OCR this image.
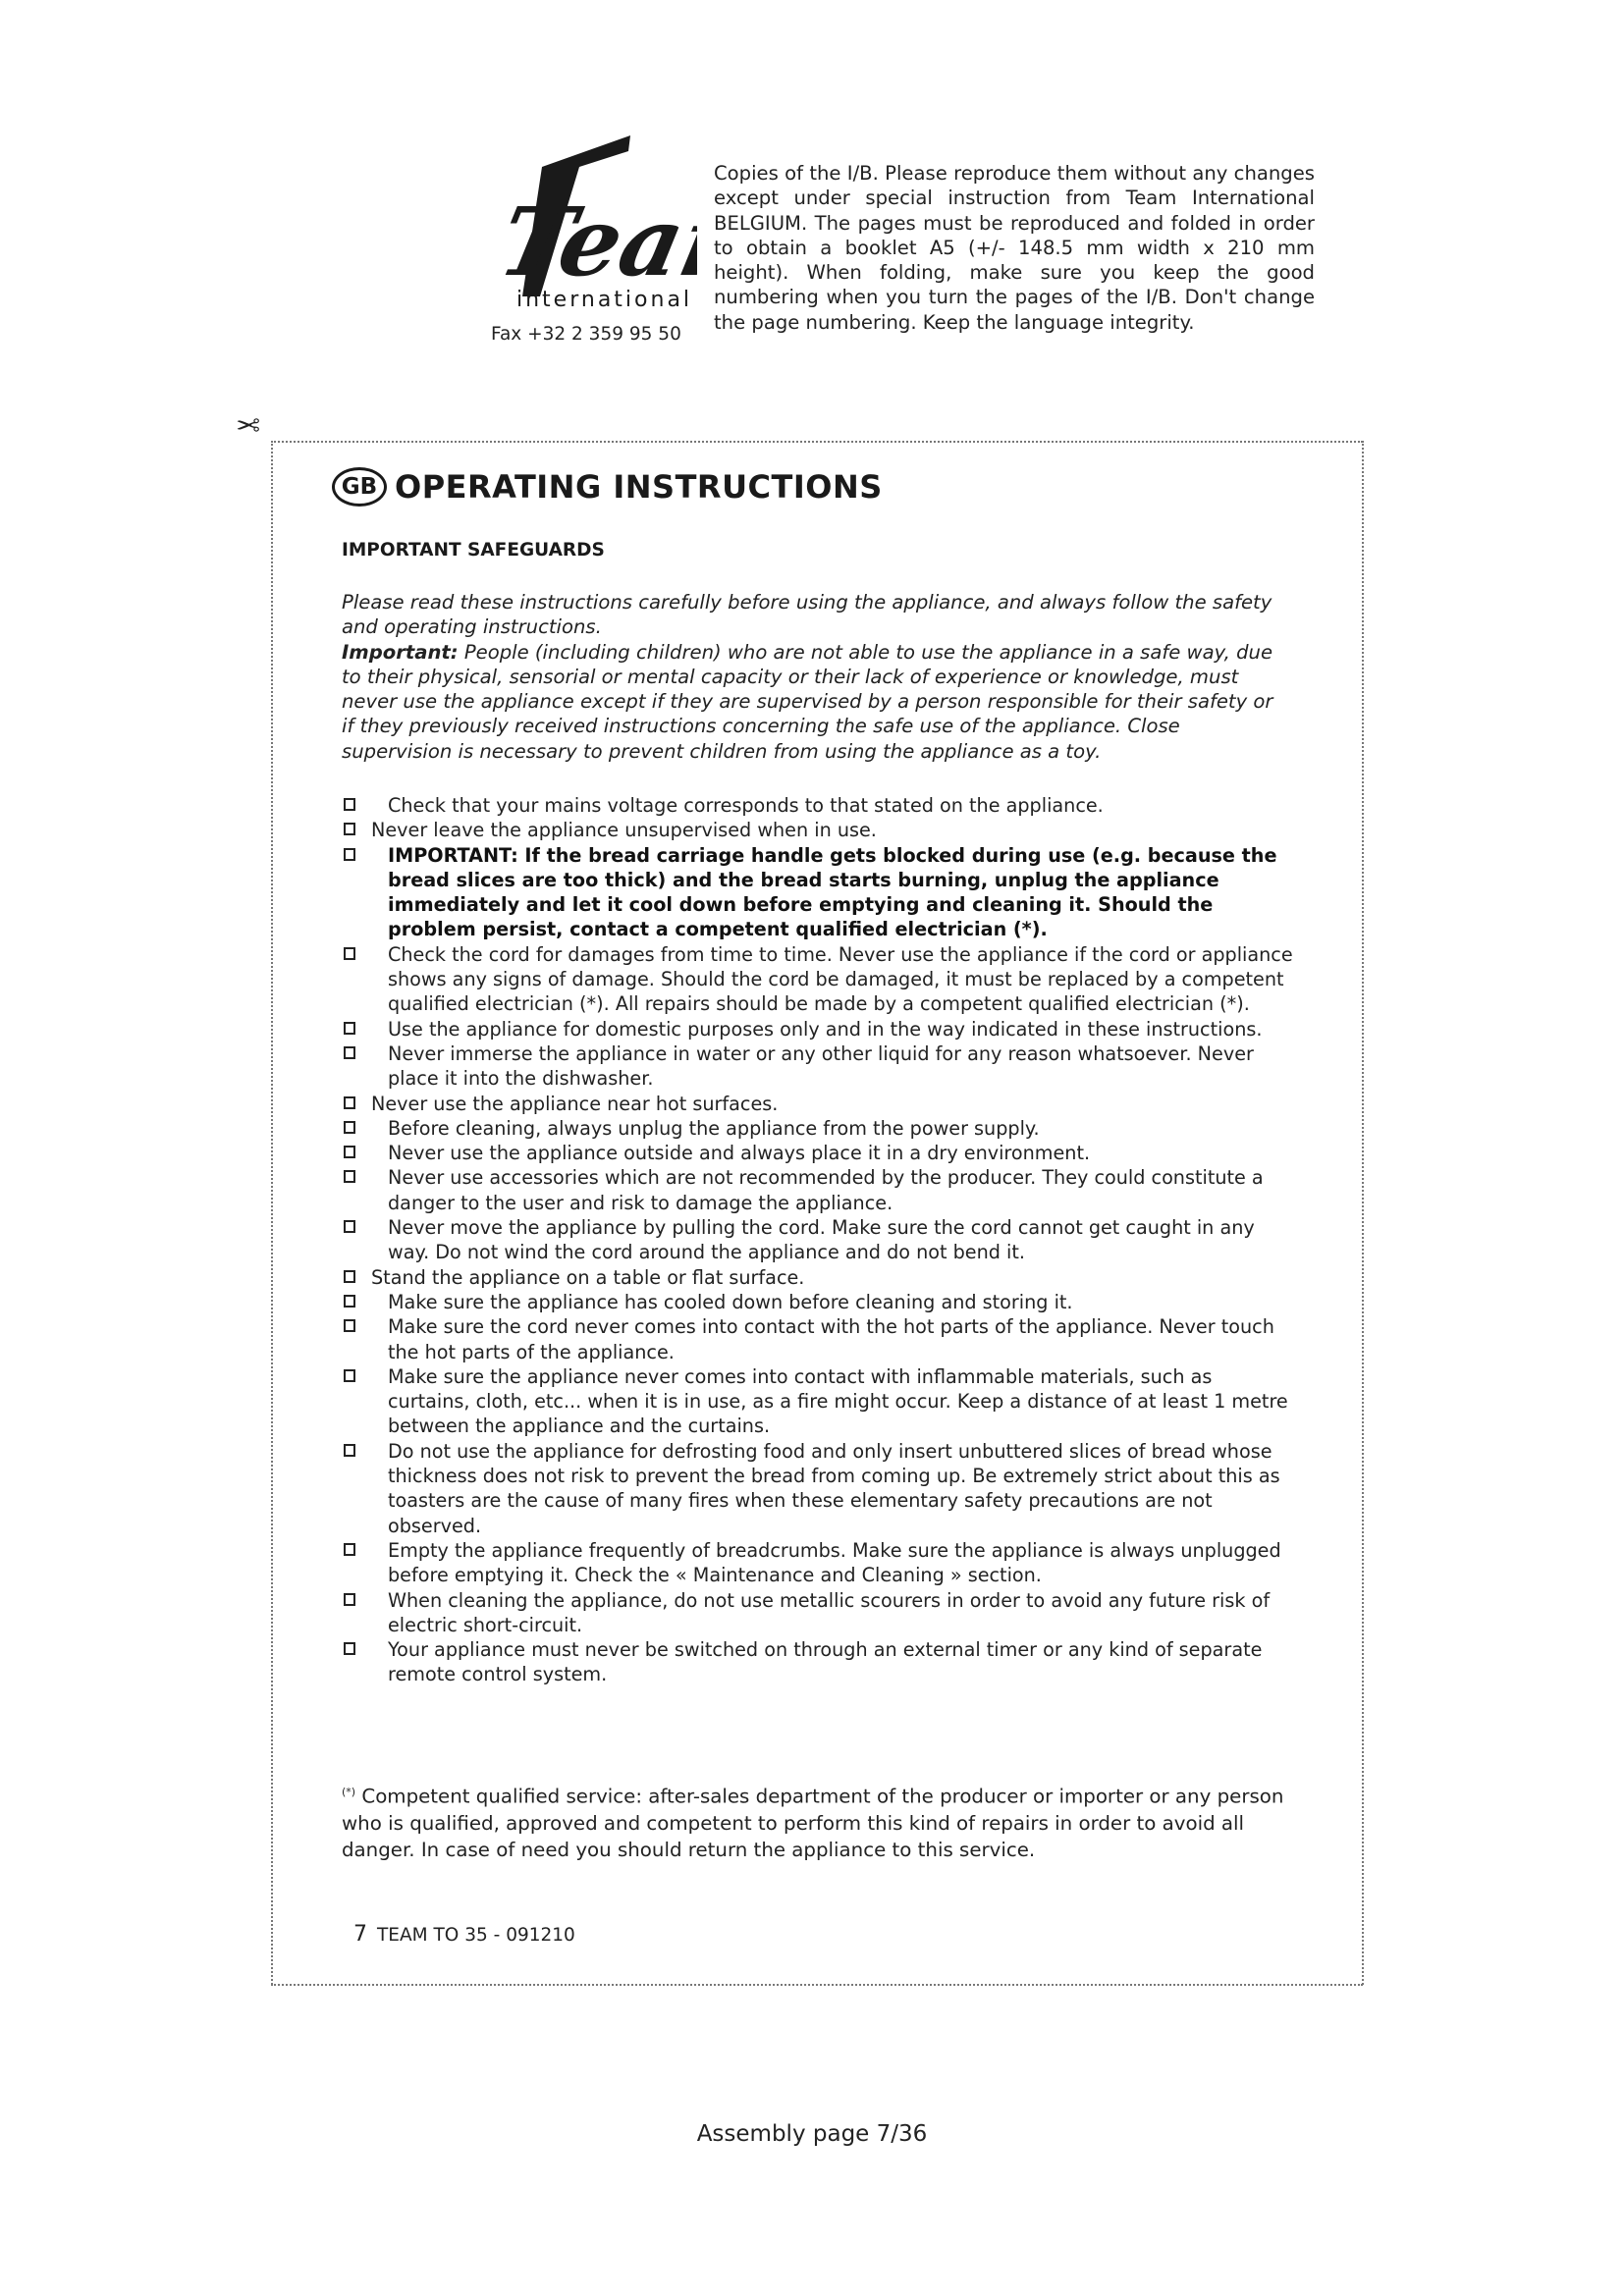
Team
international
Fax +32 2 359 95 50
Copies of the I/B. Please reproduce them without any changes except under special instruction from Team International BELGIUM. The pages must be reproduced and folded in order to obtain a booklet A5 (+/- 148.5 mm width x 210 mm height). When folding, make sure you keep the good numbering when you turn the pages of the I/B. Don't change the page numbering. Keep the language integrity.
✂
GB OPERATING INSTRUCTIONS
IMPORTANT SAFEGUARDS
Please read these instructions carefully before using the appliance, and always follow the safety and operating instructions.
Important: People (including children) who are not able to use the appliance in a safe way, due to their physical, sensorial or mental capacity or their lack of experience or knowledge, must never use the appliance except if they are supervised by a person responsible for their safety or if they previously received instructions concerning the safe use of the appliance. Close supervision is necessary to prevent children from using the appliance as a toy.
Check that your mains voltage corresponds to that stated on the appliance.
Never leave the appliance unsupervised when in use.
IMPORTANT: If the bread carriage handle gets blocked during use (e.g. because the bread slices are too thick) and the bread starts burning, unplug the appliance immediately and let it cool down before emptying and cleaning it. Should the problem persist, contact a competent qualified electrician (*).
Check the cord for damages from time to time. Never use the appliance if the cord or appliance shows any signs of damage. Should the cord be damaged, it must be replaced by a competent qualified electrician (*). All repairs should be made by a competent qualified electrician (*).
Use the appliance for domestic purposes only and in the way indicated in these instructions.
Never immerse the appliance in water or any other liquid for any reason whatsoever. Never place it into the dishwasher.
Never use the appliance near hot surfaces.
Before cleaning, always unplug the appliance from the power supply.
Never use the appliance outside and always place it in a dry environment.
Never use accessories which are not recommended by the producer. They could constitute a danger to the user and risk to damage the appliance.
Never move the appliance by pulling the cord. Make sure the cord cannot get caught in any way. Do not wind the cord around the appliance and do not bend it.
Stand the appliance on a table or flat surface.
Make sure the appliance has cooled down before cleaning and storing it.
Make sure the cord never comes into contact with the hot parts of the appliance. Never touch the hot parts of the appliance.
Make sure the appliance never comes into contact with inflammable materials, such as curtains, cloth, etc... when it is in use, as a fire might occur. Keep a distance of at least 1 metre between the appliance and the curtains.
Do not use the appliance for defrosting food and only insert unbuttered slices of bread whose thickness does not risk to prevent the bread from coming up. Be extremely strict about this as toasters are the cause of many fires when these elementary safety precautions are not observed.
Empty the appliance frequently of breadcrumbs. Make sure the appliance is always unplugged before emptying it. Check the « Maintenance and Cleaning » section.
When cleaning the appliance, do not use metallic scourers in order to avoid any future risk of electric short-circuit.
Your appliance must never be switched on through an external timer or any kind of separate remote control system.
(*) Competent qualified service: after-sales department of the producer or importer or any person who is qualified, approved and competent to perform this kind of repairs in order to avoid all danger. In case of need you should return the appliance to this service.
7 TEAM TO 35 - 091210
Assembly page 7/36
